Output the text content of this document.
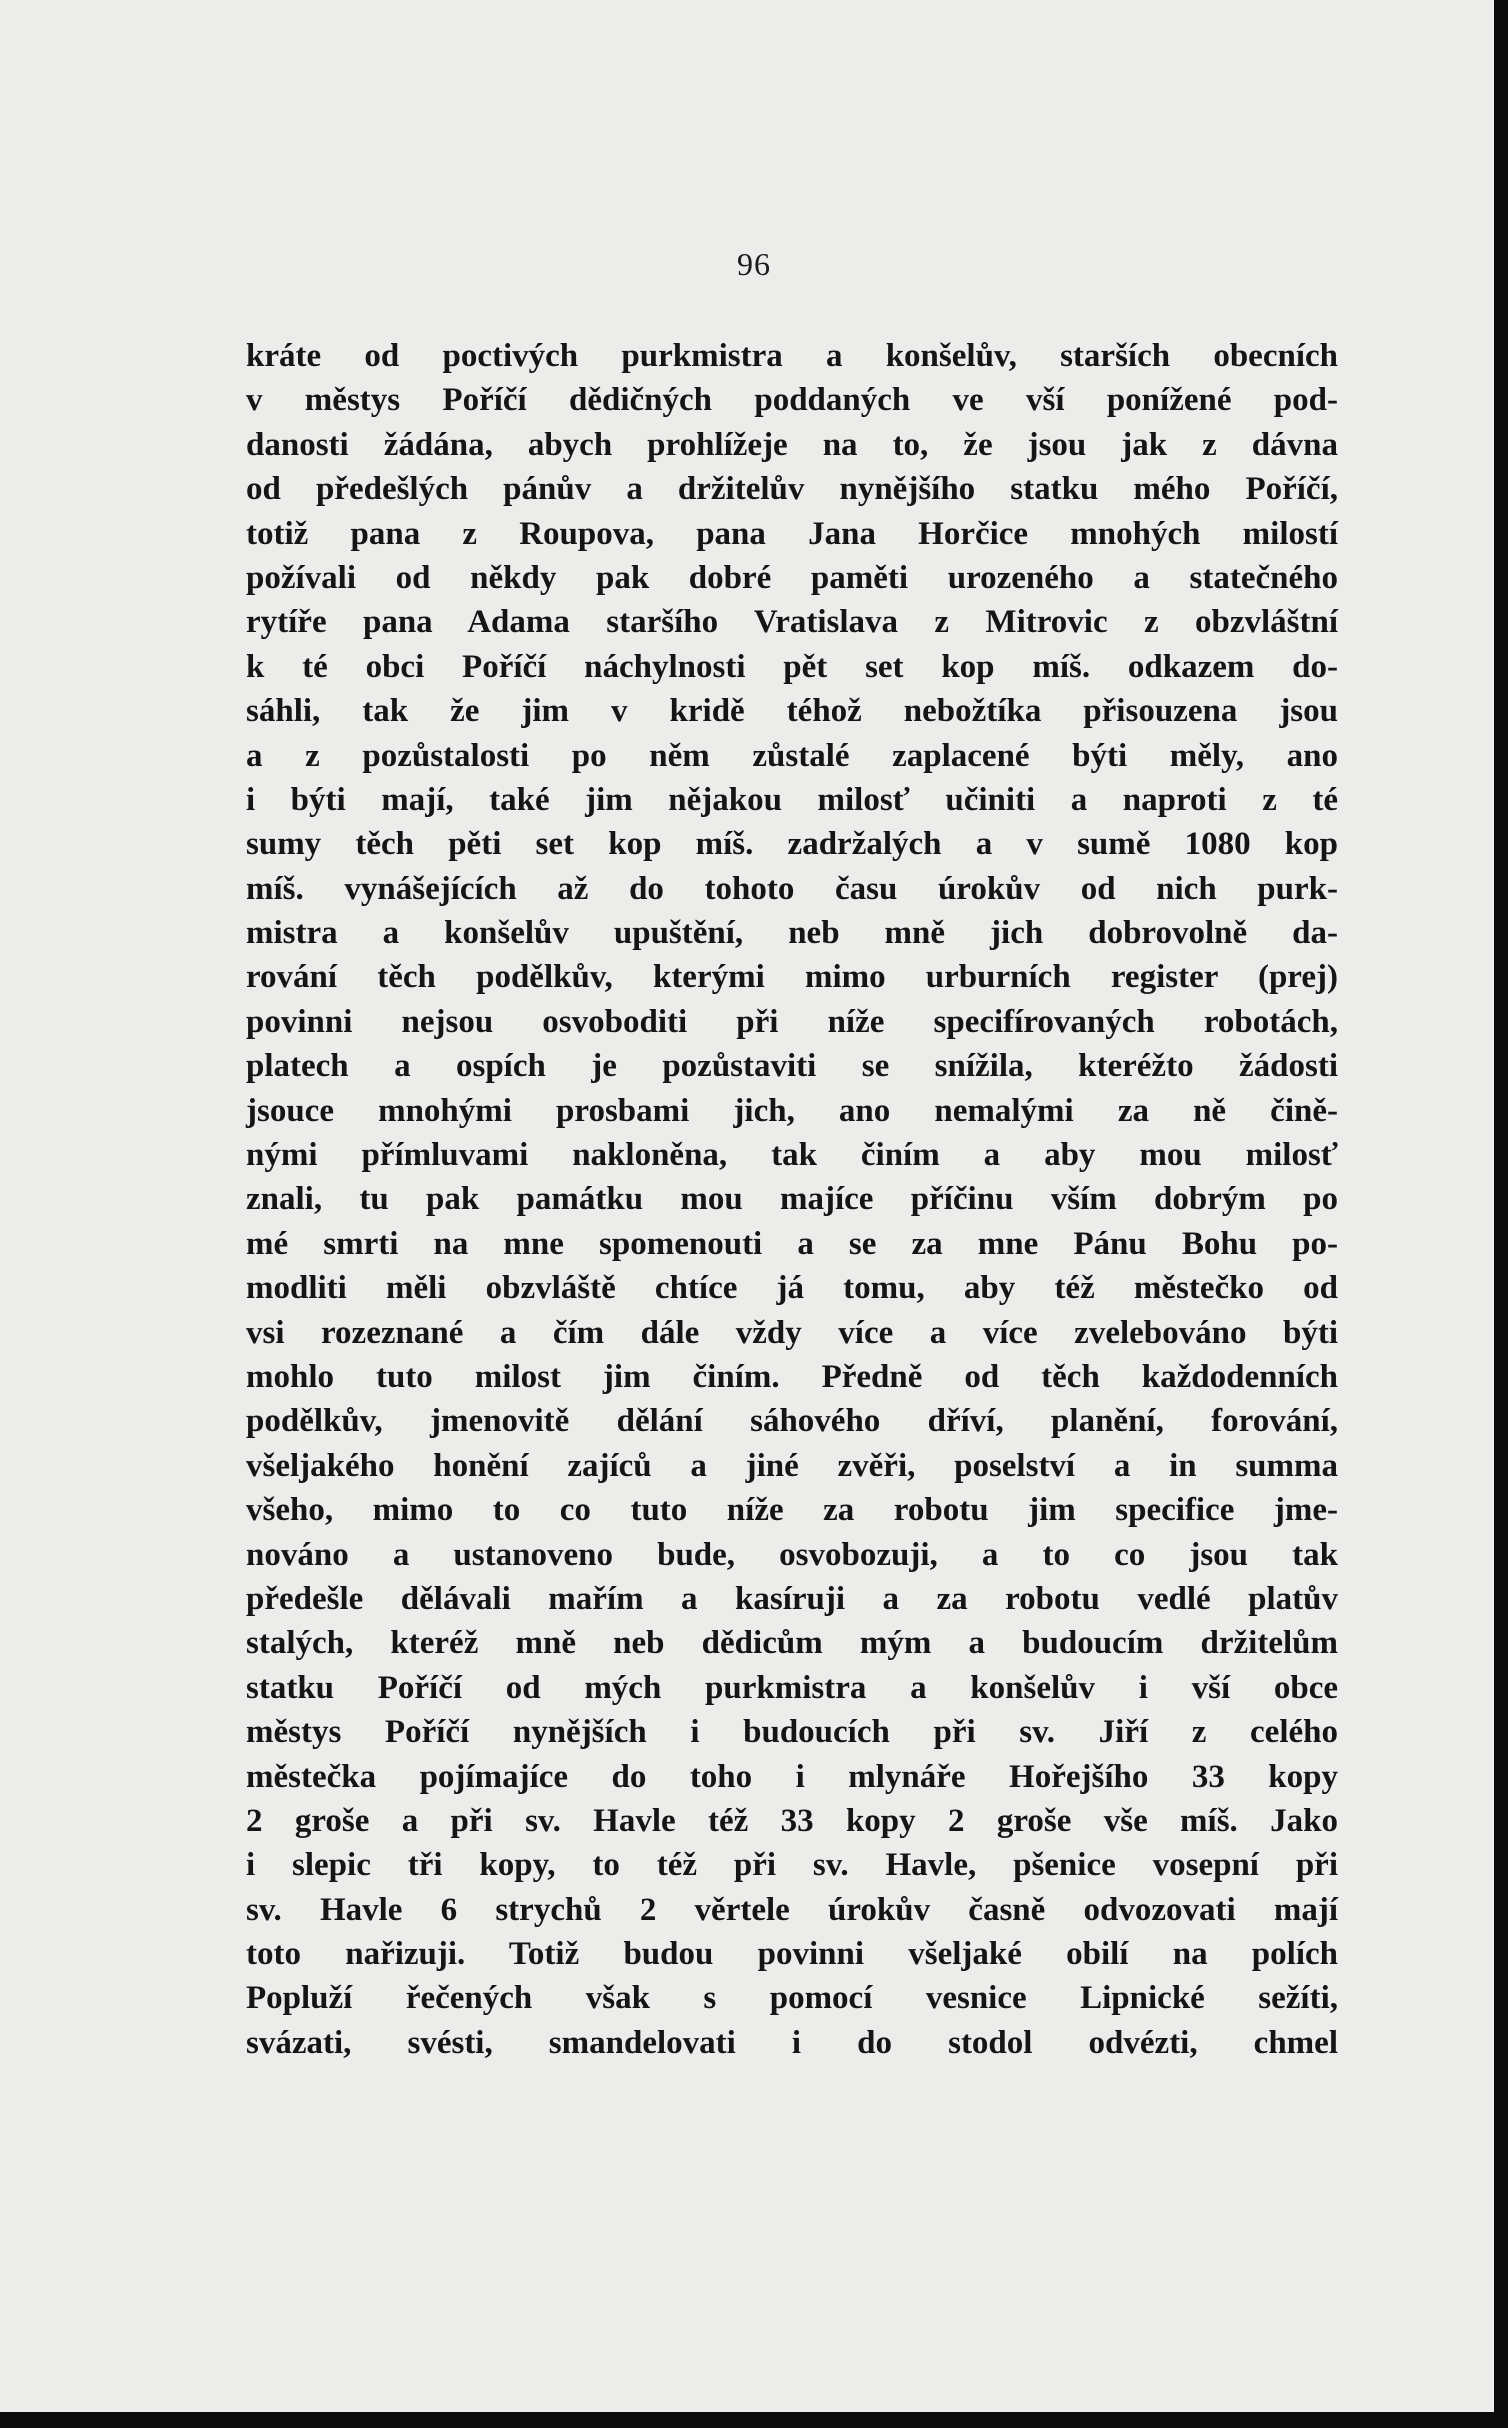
96
kráte od poctivých purkmistra a konšelův, starších obecních
v městys Poříčí dědičných poddaných ve vší ponížené pod-
danosti žádána, abych prohlížeje na to, že jsou jak z dávna
od předešlých pánův a držitelův nynějšího statku mého Poříčí,
totiž pana z Roupova, pana Jana Horčice mnohých milostí
požívali od někdy pak dobré paměti urozeného a statečného
rytíře pana Adama staršího Vratislava z Mitrovic z obzvláštní
k té obci Poříčí náchylnosti pět set kop míš. odkazem do-
sáhli, tak že jim v kridě téhož nebožtíka přisouzena jsou
a z pozůstalosti po něm zůstalé zaplacené býti měly, ano
i býti mají, také jim nějakou milosť učiniti a naproti z té
sumy těch pěti set kop míš. zadržalých a v sumě 1080 kop
míš. vynášejících až do tohoto času úrokův od nich purk-
mistra a konšelův upuštění, neb mně jich dobrovolně da-
rování těch podělkův, kterými mimo urburních register (prej)
povinni nejsou osvoboditi při níže specifírovaných robotách,
platech a ospích je pozůstaviti se snížila, kteréžto žádosti
jsouce mnohými prosbami jich, ano nemalými za ně čině-
nými přímluvami nakloněna, tak činím a aby mou milosť
znali, tu pak památku mou majíce příčinu vším dobrým po
mé smrti na mne spomenouti a se za mne Pánu Bohu po-
modliti měli obzvláště chtíce já tomu, aby též městečko od
vsi rozeznané a čím dále vždy více a více zvelebováno býti
mohlo tuto milost jim činím. Předně od těch každodenních
podělkův, jmenovitě dělání sáhového dříví, planění, forování,
všeljakého honění zajíců a jiné zvěři, poselství a in summa
všeho, mimo to co tuto níže za robotu jim specifice jme-
nováno a ustanoveno bude, osvobozuji, a to co jsou tak
předešle dělávali mařím a kasíruji a za robotu vedlé platův
stalých, kteréž mně neb dědicům mým a budoucím držitelům
statku Poříčí od mých purkmistra a konšelův i vší obce
městys Poříčí nynějších i budoucích při sv. Jiří z celého
městečka pojímajíce do toho i mlynáře Hořejšího 33 kopy
2 groše a při sv. Havle též 33 kopy 2 groše vše míš. Jako
i slepic tři kopy, to též při sv. Havle, pšenice vosepní při
sv. Havle 6 strychů 2 věrtele úrokův časně odvozovati mají
toto nařizuji. Totiž budou povinni všeljaké obilí na polích
Popluží řečených však s pomocí vesnice Lipnické sežíti,
svázati, svésti, smandelovati i do stodol odvézti, chmel
